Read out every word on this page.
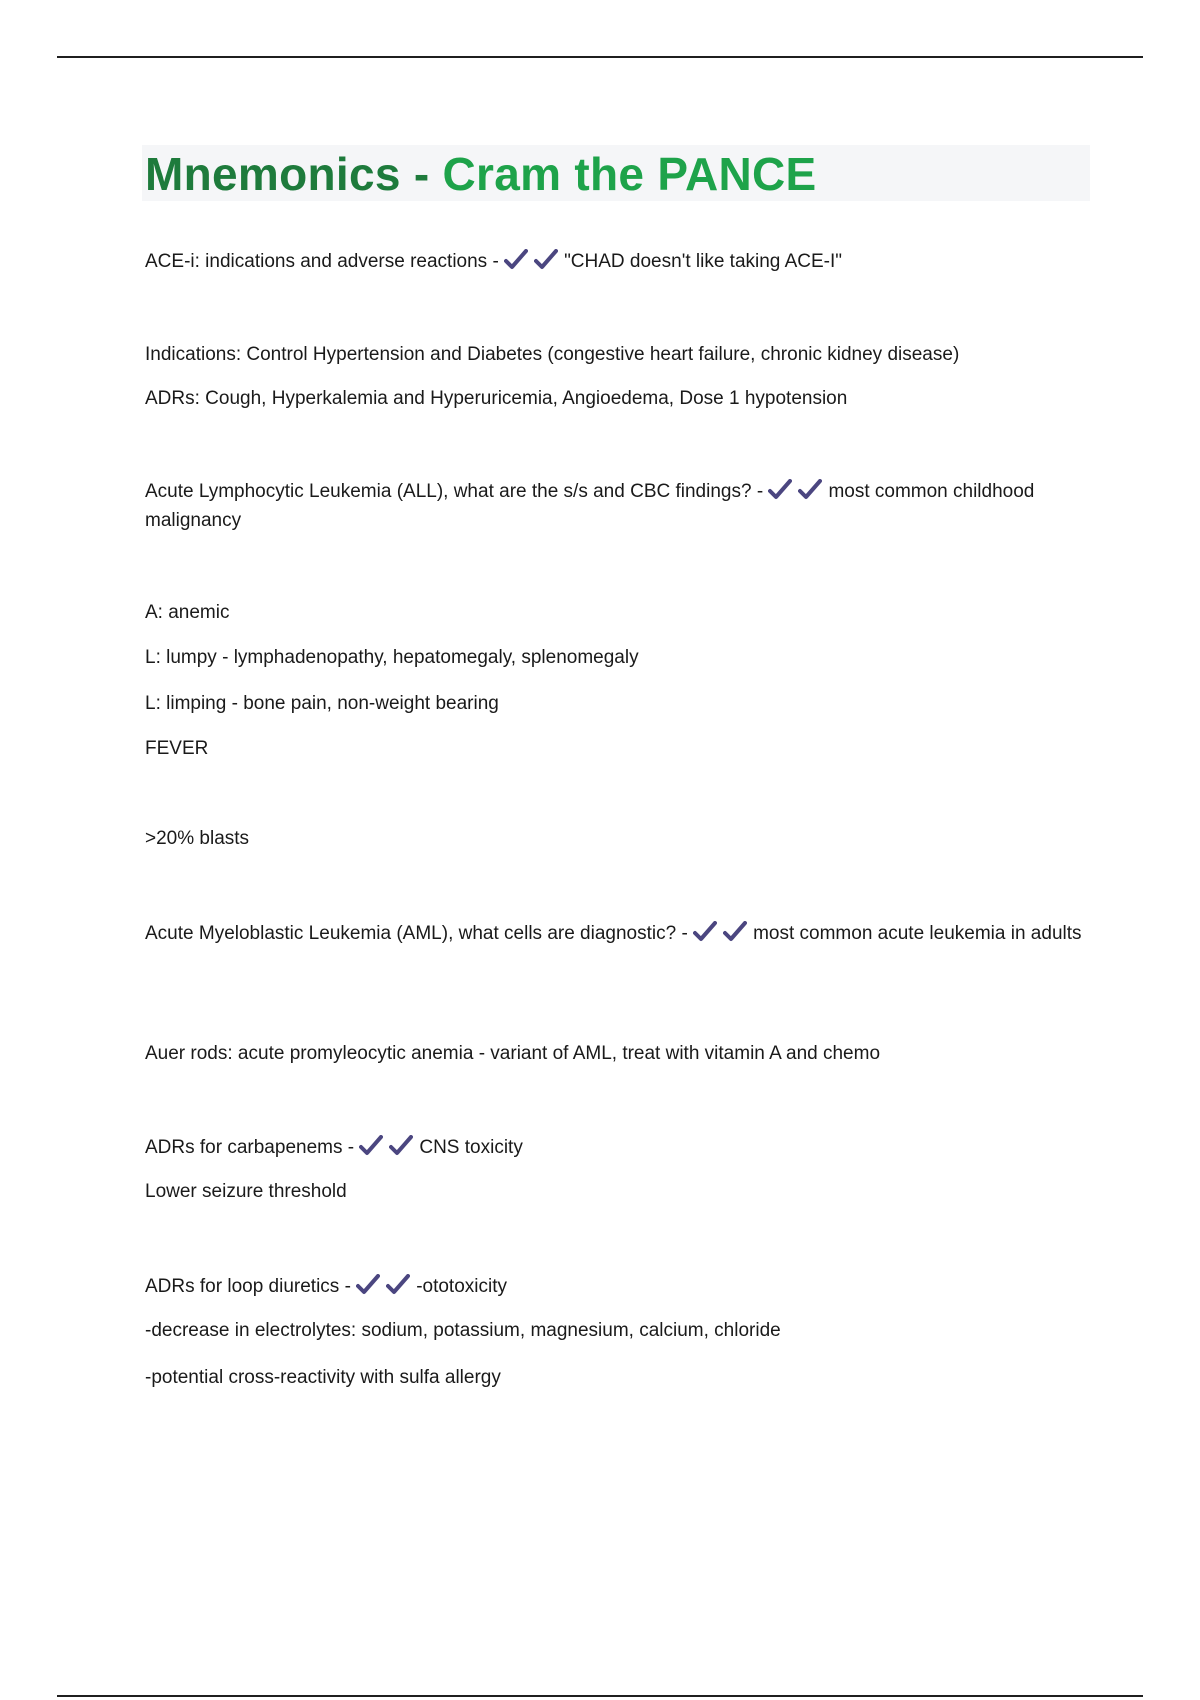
Mnemonics - Cram the PANCE
ACE-i: indications and adverse reactions -	"CHAD doesn't like taking ACE-I"
Indications: Control Hypertension and Diabetes (congestive heart failure, chronic kidney disease)
ADRs: Cough, Hyperkalemia and Hyperuricemia, Angioedema, Dose 1 hypotension
Acute Lymphocytic Leukemia (ALL), what are the s/s and CBC findings? -	most common childhood malignancy
A: anemic
L: lumpy - lymphadenopathy, hepatomegaly, splenomegaly
L: limping - bone pain, non-weight bearing
FEVER
>20% blasts
Acute Myeloblastic Leukemia (AML), what cells are diagnostic? -	most common acute leukemia in adults
Auer rods: acute promyleocytic anemia - variant of AML, treat with vitamin A and chemo
ADRs for carbapenems -	CNS toxicity
Lower seizure threshold
ADRs for loop diuretics -	-ototoxicity
-decrease in electrolytes: sodium, potassium, magnesium, calcium, chloride
-potential cross-reactivity with sulfa allergy
